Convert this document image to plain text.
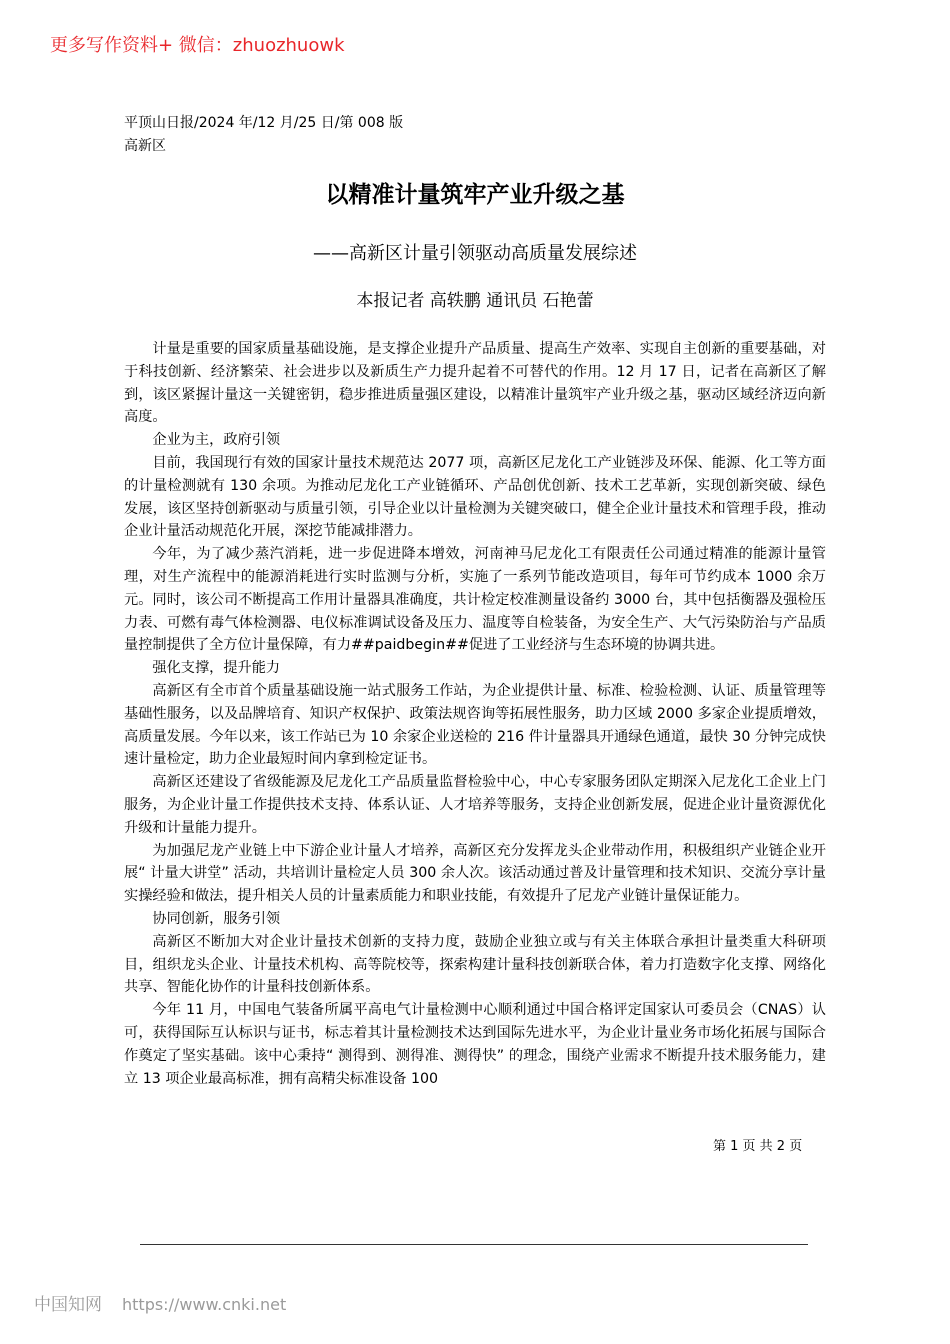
更多写作资料+ 微信：zhuozhuowk
平顶山日报/2024 年/12 月/25 日/第 008 版高新区
以精准计量筑牢产业升级之基
——高新区计量引领驱动高质量发展综述
本报记者 高轶鹏 通讯员 石艳蕾

计量是重要的国家质量基础设施，是支撑企业提升产品质量、提高生产效率、实现自主创新的重要基础，对于科技创新、经济繁荣、社会进步以及新质生产力提升起着不可替代的作用。12 月 17 日，记者在高新区了解到，该区紧握计量这一关键密钥，稳步推进质量强区建设，以精准计量筑牢产业升级之基，驱动区域经济迈向新高度。

企业为主，政府引领

目前，我国现行有效的国家计量技术规范达 2077 项，高新区尼龙化工产业链涉及环保、能源、化工等方面的计量检测就有 130 余项。为推动尼龙化工产业链循环、产品创优创新、技术工艺革新，实现创新突破、绿色发展，该区坚持创新驱动与质量引领，引导企业以计量检测为关键突破口，健全企业计量技术和管理手段，推动企业计量活动规范化开展，深挖节能减排潜力。

今年，为了减少蒸汽消耗，进一步促进降本增效，河南神马尼龙化工有限责任公司通过精准的能源计量管理，对生产流程中的能源消耗进行实时监测与分析，实施了一系列节能改造项目，每年可节约成本 1000 余万元。同时，该公司不断提高工作用计量器具准确度，共计检定校准测量设备约 3000 台，其中包括衡器及强检压力表、可燃有毒气体检测器、电仪标准调试设备及压力、温度等自检装备，为安全生产、大气污染防治与产品质量控制提供了全方位计量保障，有力##paidbegin##促进了工业经济与生态环境的协调共进。

强化支撑，提升能力

高新区有全市首个质量基础设施一站式服务工作站，为企业提供计量、标准、检验检测、认证、质量管理等基础性服务，以及品牌培育、知识产权保护、政策法规咨询等拓展性服务，助力区域 2000 多家企业提质增效，高质量发展。今年以来，该工作站已为 10 余家企业送检的 216 件计量器具开通绿色通道，最快 30 分钟完成快速计量检定，助力企业最短时间内拿到检定证书。

高新区还建设了省级能源及尼龙化工产品质量监督检验中心，中心专家服务团队定期深入尼龙化工企业上门服务，为企业计量工作提供技术支持、体系认证、人才培养等服务，支持企业创新发展，促进企业计量资源优化升级和计量能力提升。

为加强尼龙产业链上中下游企业计量人才培养，高新区充分发挥龙头企业带动作用，积极组织产业链企业开展“ 计量大讲堂” 活动，共培训计量检定人员 300 余人次。该活动通过普及计量管理和技术知识、交流分享计量实操经验和做法，提升相关人员的计量素质能力和职业技能，有效提升了尼龙产业链计量保证能力。

协同创新，服务引领

高新区不断加大对企业计量技术创新的支持力度，鼓励企业独立或与有关主体联合承担计量类重大科研项目，组织龙头企业、计量技术机构、高等院校等，探索构建计量科技创新联合体，着力打造数字化支撑、网络化共享、智能化协作的计量科技创新体系。

今年 11 月，中国电气装备所属平高电气计量检测中心顺利通过中国合格评定国家认可委员会（CNAS）认可，获得国际互认标识与证书，标志着其计量检测技术达到国际先进水平，为企业计量业务市场化拓展与国际合作奠定了坚实基础。该中心秉持“ 测得到、测得准、测得快” 的理念，围绕产业需求不断提升技术服务能力，建立 13 项企业最高标准，拥有高精尖标准设备 100

第 1 页 共 2 页
中国知网 https://www.cnki.net
